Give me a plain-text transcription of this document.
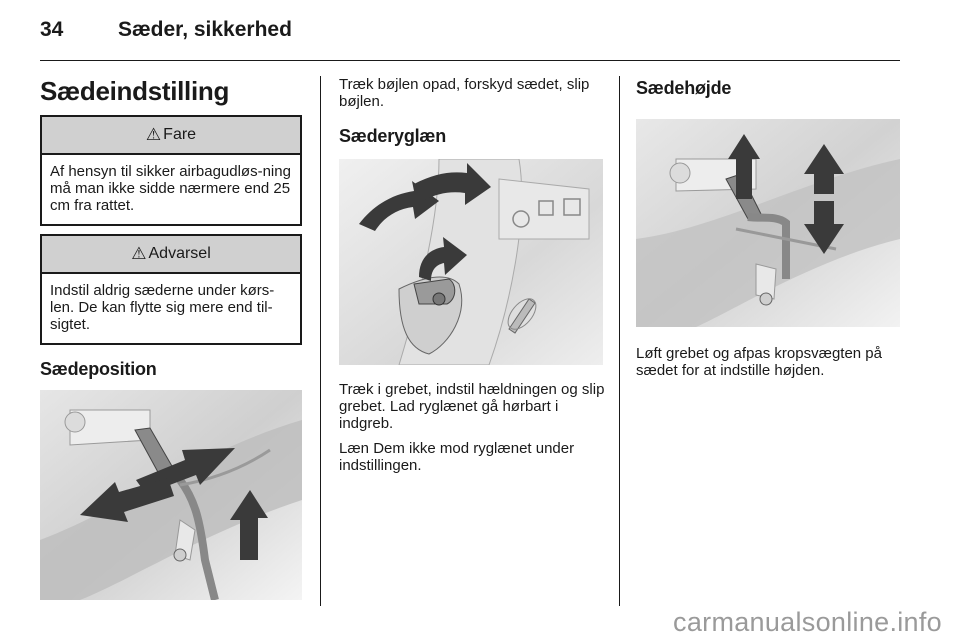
34	Sæder, sikkerhed
Sædeindstilling
⚠ Fare
Af hensyn til sikker airbagudløs-ning må man ikke sidde nærmere end 25 cm fra rattet.
⚠ Advarsel
Indstil aldrig sæderne under kørs-len. De kan flytte sig mere end til-sigtet.
Sædeposition

Træk bøjlen opad, forskyd sædet, slip bøjlen.

Sæderyglæn

Træk i grebet, indstil hældningen og slip grebet. Lad ryglænet gå hørbart i indgreb.

Læn Dem ikke mod ryglænet under indstillingen.

Sædehøjde

Løft grebet og afpas kropsvægten på sædet for at indstille højden.

carmanualsonline.info
